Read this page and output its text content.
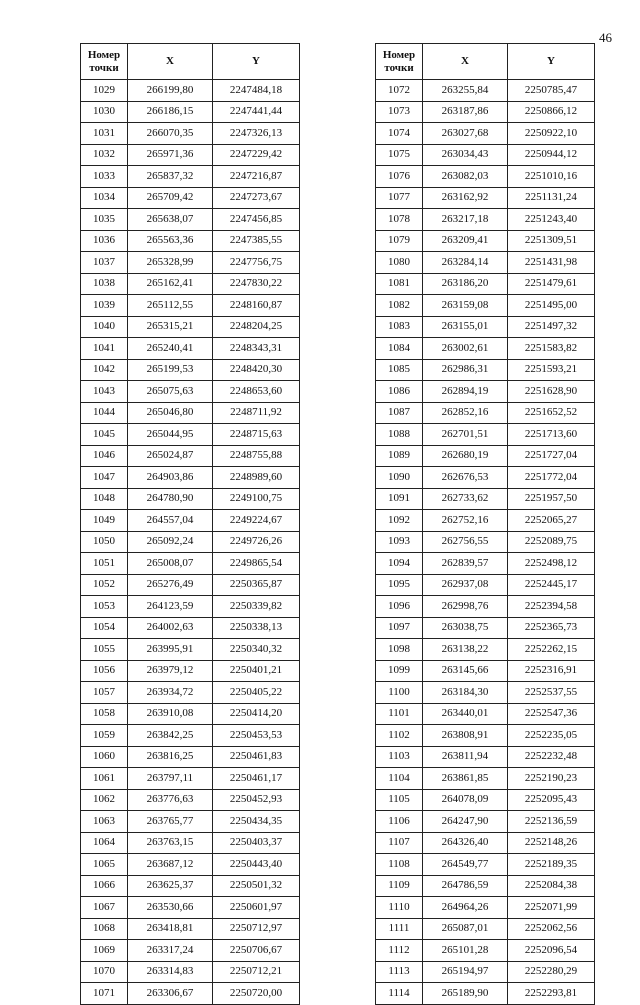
46
Номер точки	X	Y
1029	266199,80	2247484,18
1030	266186,15	2247441,44
1031	266070,35	2247326,13
1032	265971,36	2247229,42
1033	265837,32	2247216,87
1034	265709,42	2247273,67
1035	265638,07	2247456,85
1036	265563,36	2247385,55
1037	265328,99	2247756,75
1038	265162,41	2247830,22
1039	265112,55	2248160,87
1040	265315,21	2248204,25
1041	265240,41	2248343,31
1042	265199,53	2248420,30
1043	265075,63	2248653,60
1044	265046,80	2248711,92
1045	265044,95	2248715,63
1046	265024,87	2248755,88
1047	264903,86	2248989,60
1048	264780,90	2249100,75
1049	264557,04	2249224,67
1050	265092,24	2249726,26
1051	265008,07	2249865,54
1052	265276,49	2250365,87
1053	264123,59	2250339,82
1054	264002,63	2250338,13
1055	263995,91	2250340,32
1056	263979,12	2250401,21
1057	263934,72	2250405,22
1058	263910,08	2250414,20
1059	263842,25	2250453,53
1060	263816,25	2250461,83
1061	263797,11	2250461,17
1062	263776,63	2250452,93
1063	263765,77	2250434,35
1064	263763,15	2250403,37
1065	263687,12	2250443,40
1066	263625,37	2250501,32
1067	263530,66	2250601,97
1068	263418,81	2250712,97
1069	263317,24	2250706,67
1070	263314,83	2250712,21
1071	263306,67	2250720,00
Номер точки	X	Y
1072	263255,84	2250785,47
1073	263187,86	2250866,12
1074	263027,68	2250922,10
1075	263034,43	2250944,12
1076	263082,03	2251010,16
1077	263162,92	2251131,24
1078	263217,18	2251243,40
1079	263209,41	2251309,51
1080	263284,14	2251431,98
1081	263186,20	2251479,61
1082	263159,08	2251495,00
1083	263155,01	2251497,32
1084	263002,61	2251583,82
1085	262986,31	2251593,21
1086	262894,19	2251628,90
1087	262852,16	2251652,52
1088	262701,51	2251713,60
1089	262680,19	2251727,04
1090	262676,53	2251772,04
1091	262733,62	2251957,50
1092	262752,16	2252065,27
1093	262756,55	2252089,75
1094	262839,57	2252498,12
1095	262937,08	2252445,17
1096	262998,76	2252394,58
1097	263038,75	2252365,73
1098	263138,22	2252262,15
1099	263145,66	2252316,91
1100	263184,30	2252537,55
1101	263440,01	2252547,36
1102	263808,91	2252235,05
1103	263811,94	2252232,48
1104	263861,85	2252190,23
1105	264078,09	2252095,43
1106	264247,90	2252136,59
1107	264326,40	2252148,26
1108	264549,77	2252189,35
1109	264786,59	2252084,38
1110	264964,26	2252071,99
1111	265087,01	2252062,56
1112	265101,28	2252096,54
1113	265194,97	2252280,29
1114	265189,90	2252293,81
